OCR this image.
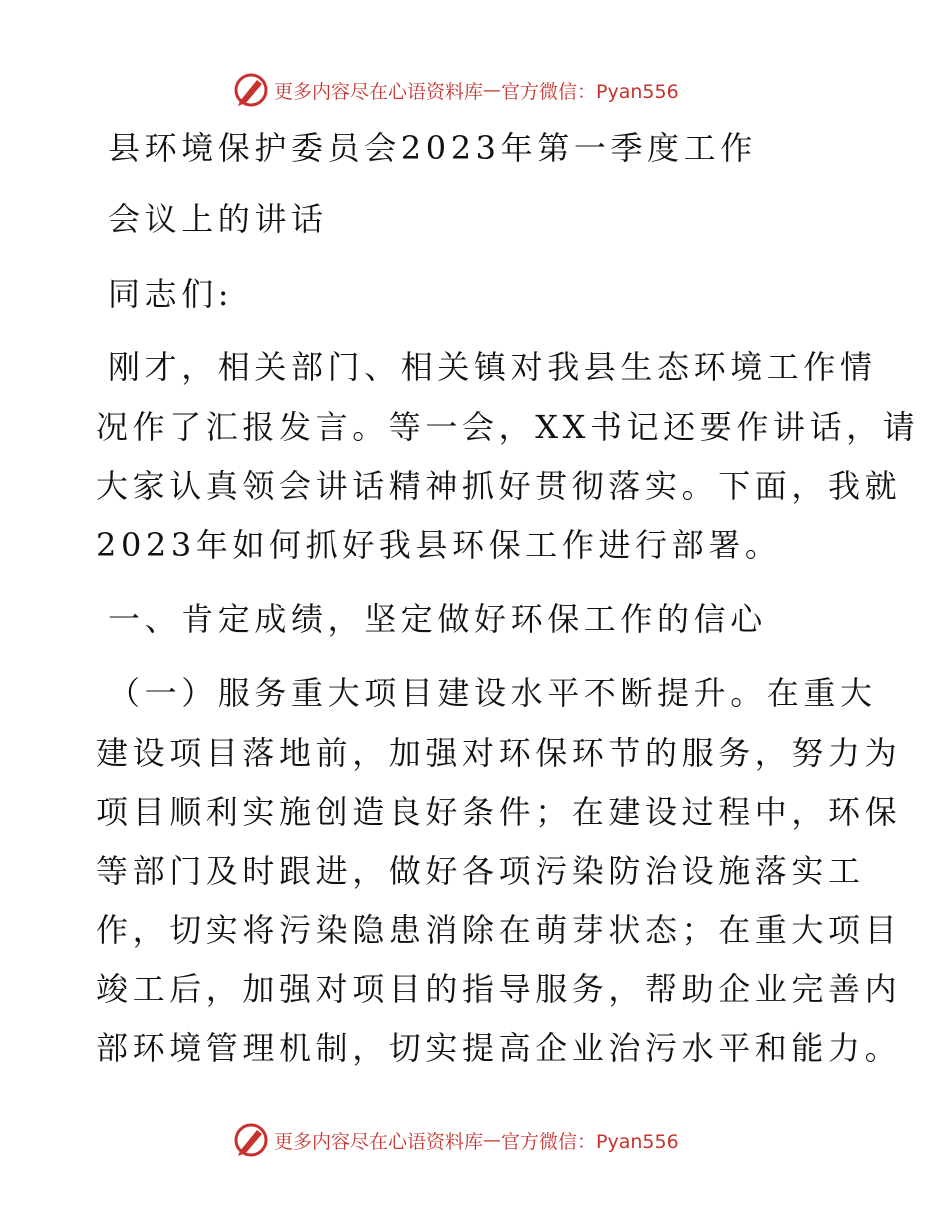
更多内容尽在心语资料库 — 官方微信：Pyan556
县环境保护委员会2023年第一季度工作
会议上的讲话
同志们:
刚才，相关部门、相关镇对我县生态环境工作情
况作了汇报发言。等一会，XX书记还要作讲话，请
大家认真领会讲话精神抓好贯彻落实。下面，我就
2023年如何抓好我县环保工作进行部署。
一、肯定成绩，坚定做好环保工作的信心
（一）服务重大项目建设水平不断提升。在重大
建设项目落地前，加强对环保环节的服务，努力为
项目顺利实施创造良好条件；在建设过程中，环保
等部门及时跟进，做好各项污染防治设施落实工
作，切实将污染隐患消除在萌芽状态；在重大项目
竣工后，加强对项目的指导服务，帮助企业完善内
部环境管理机制，切实提高企业治污水平和能力。
更多内容尽在心语资料库 — 官方微信：Pyan556
